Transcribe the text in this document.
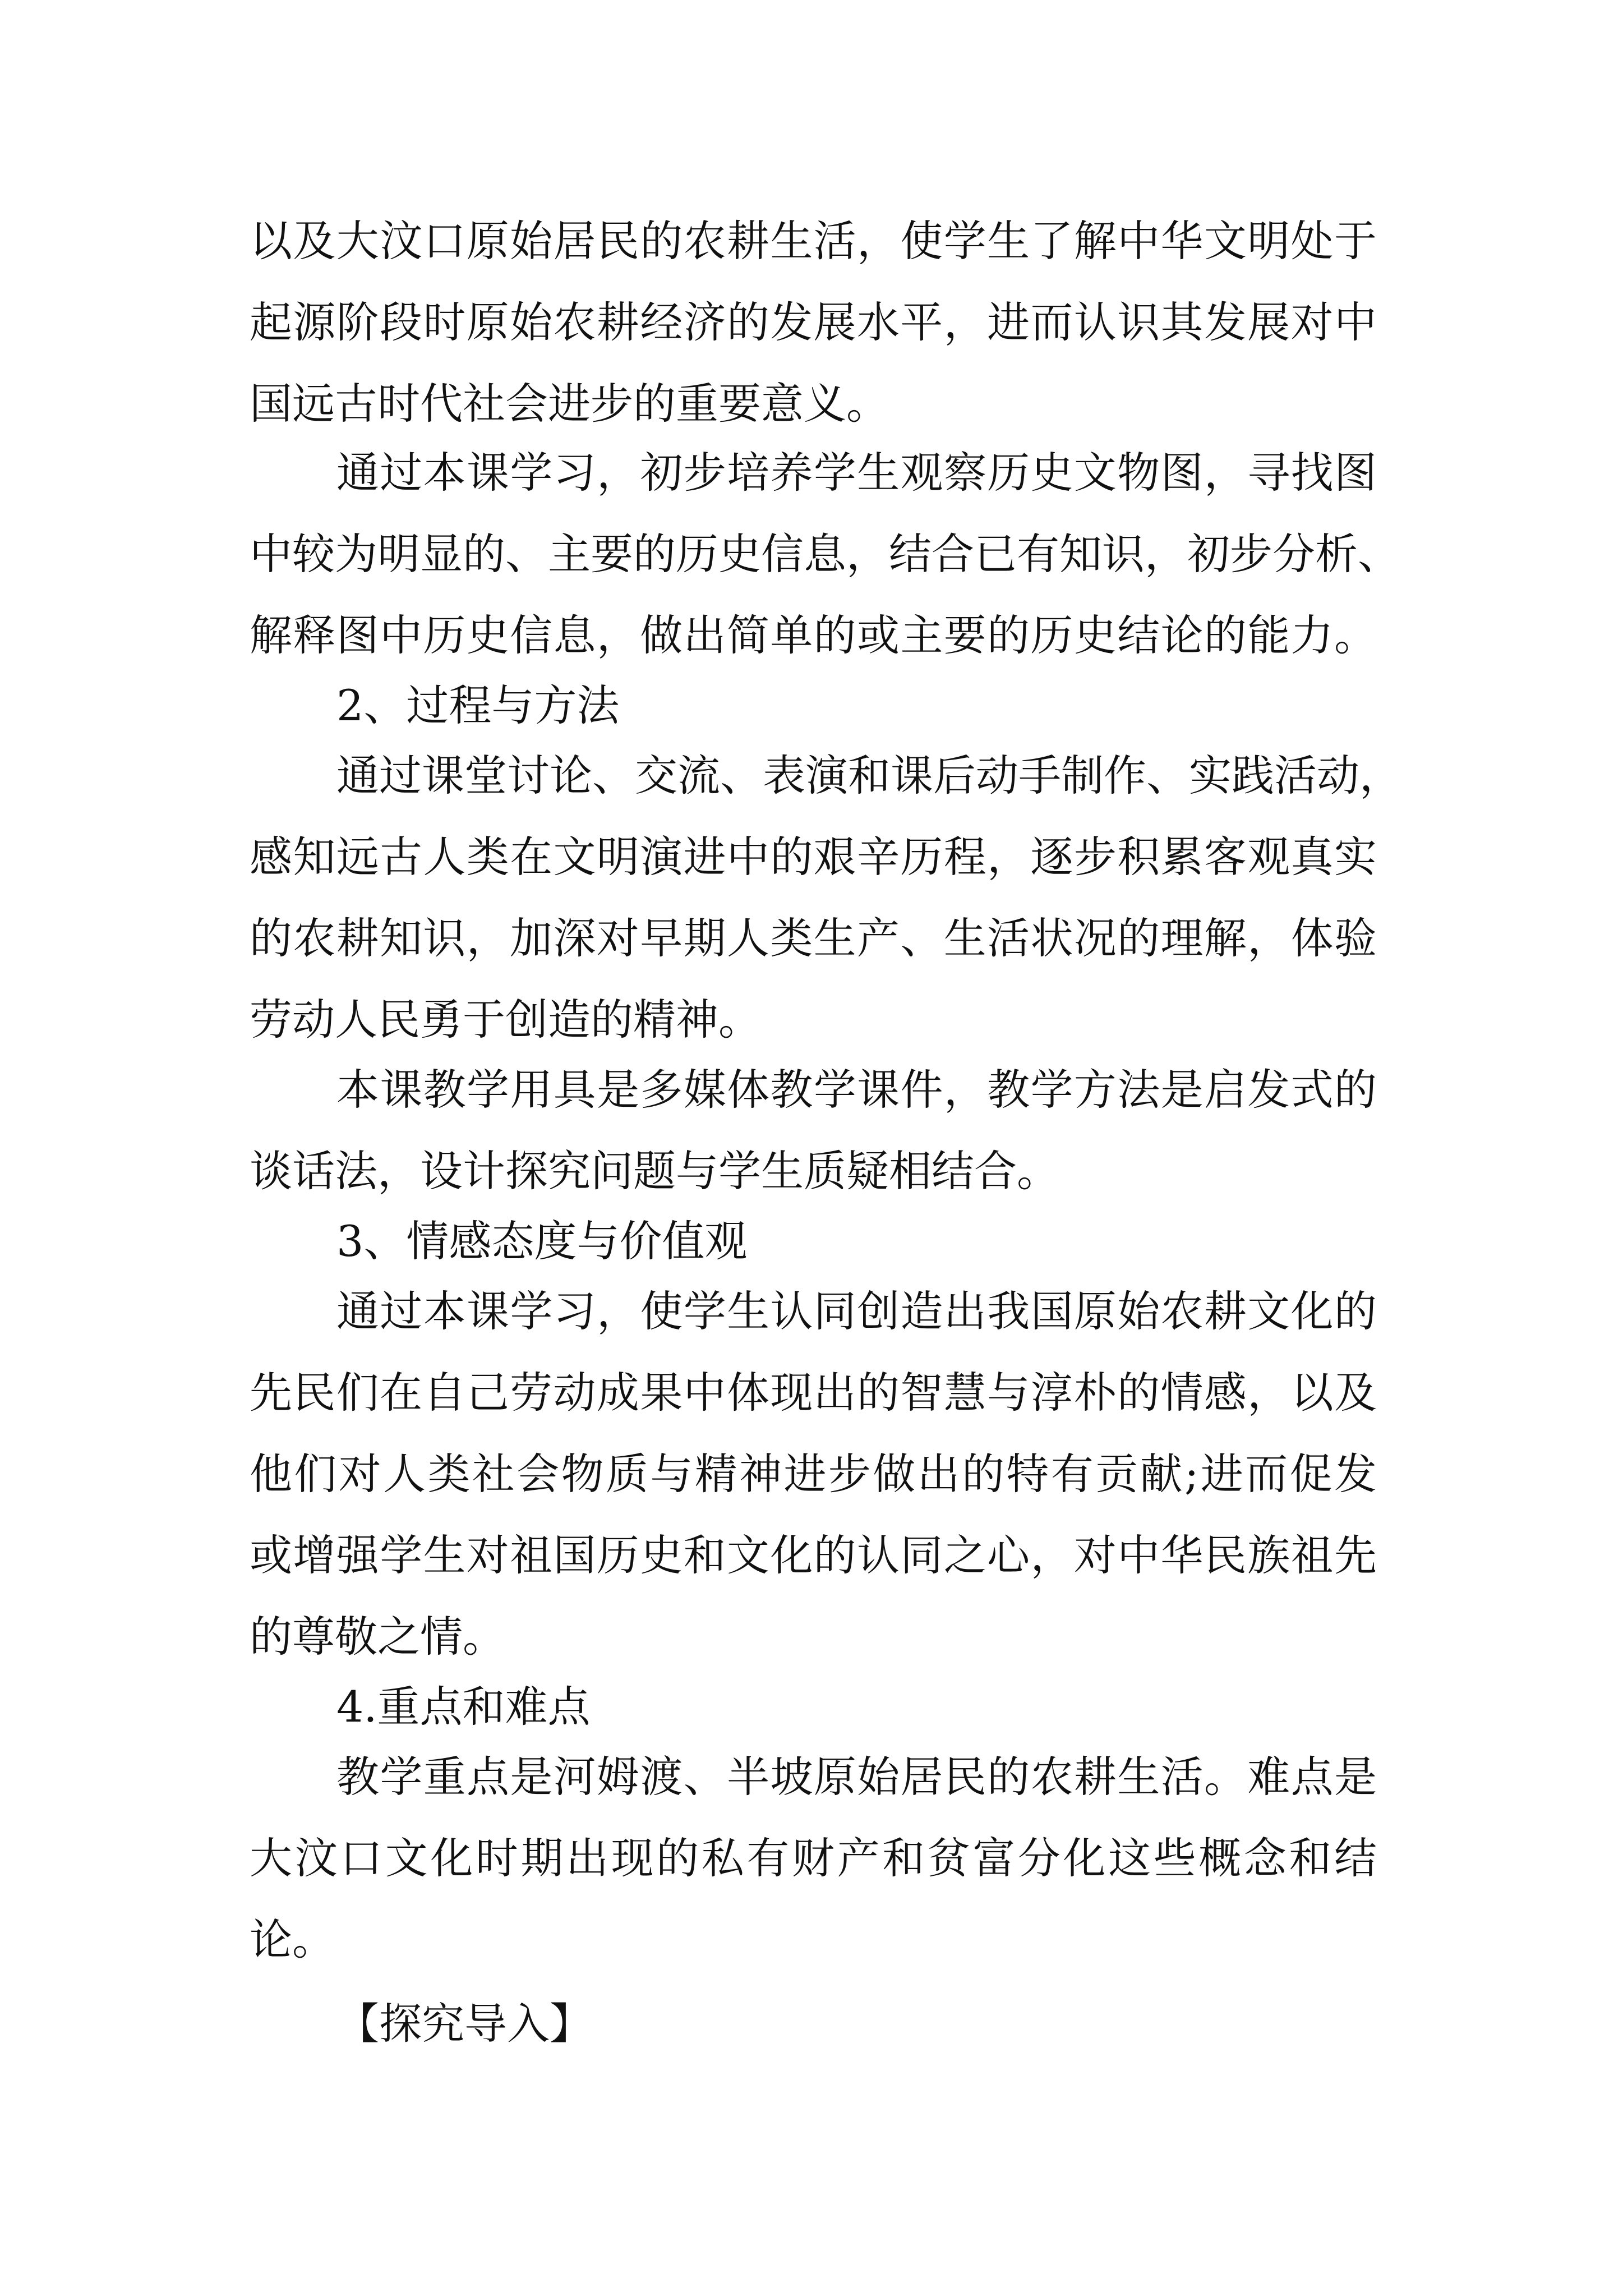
以及大汶口原始居民的农耕生活，使学生了解中华文明处于
起源阶段时原始农耕经济的发展水平，进而认识其发展对中
国远古时代社会进步的重要意义。
通过本课学习，初步培养学生观察历史文物图，寻找图
中较为明显的、主要的历史信息，结合已有知识，初步分析、
解释图中历史信息，做出简单的或主要的历史结论的能力。
2、过程与方法
通过课堂讨论、交流、表演和课后动手制作、实践活动，
感知远古人类在文明演进中的艰辛历程，逐步积累客观真实
的农耕知识，加深对早期人类生产、生活状况的理解，体验
劳动人民勇于创造的精神。
本课教学用具是多媒体教学课件，教学方法是启发式的
谈话法，设计探究问题与学生质疑相结合。
3、情感态度与价值观
通过本课学习，使学生认同创造出我国原始农耕文化的
先民们在自己劳动成果中体现出的智慧与淳朴的情感，以及
他们对人类社会物质与精神进步做出的特有贡献;进而促发
或增强学生对祖国历史和文化的认同之心，对中华民族祖先
的尊敬之情。
4.重点和难点
教学重点是河姆渡、半坡原始居民的农耕生活。难点是
大汶口文化时期出现的私有财产和贫富分化这些概念和结
论。
【探究导入】
